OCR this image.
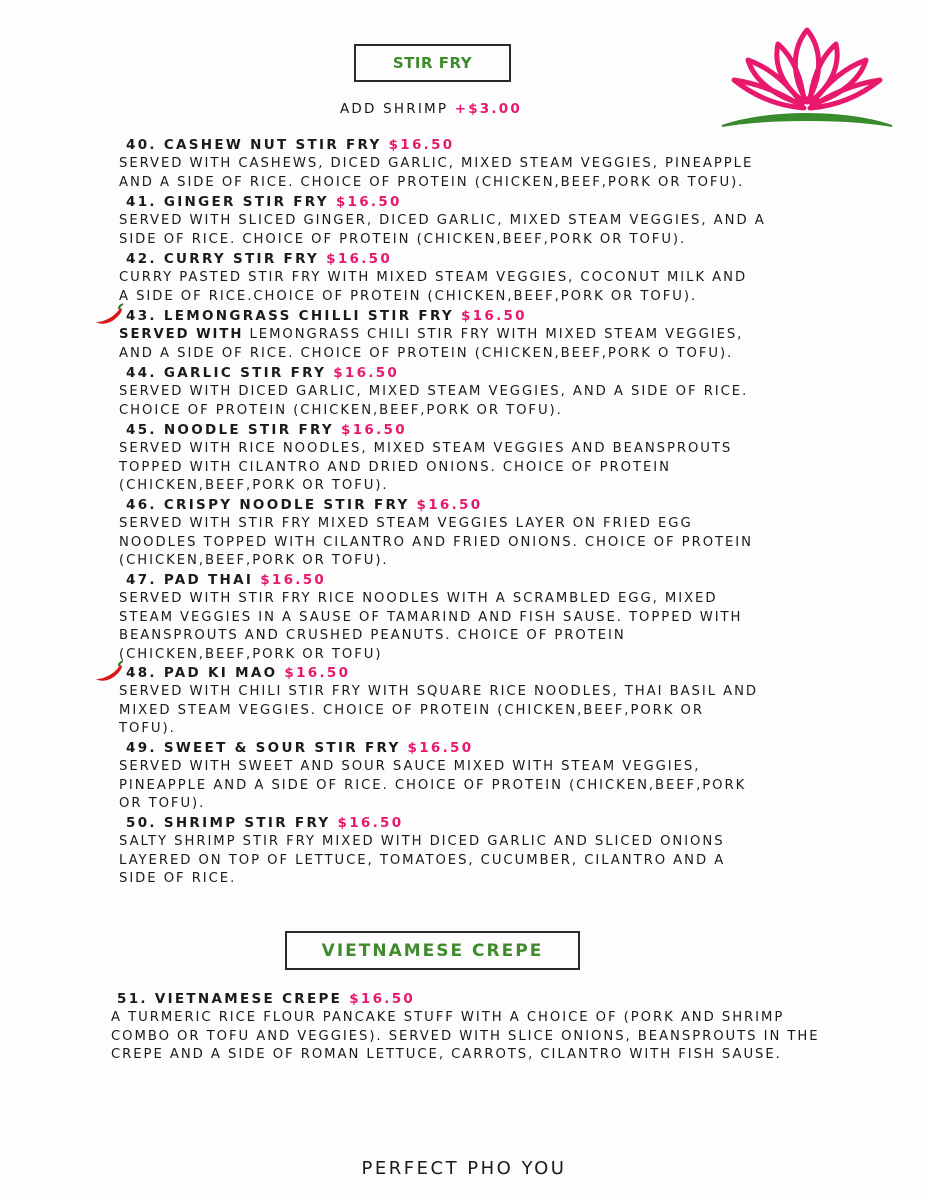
STIR FRY
ADD SHRIMP +$3.00
40. CASHEW NUT STIR FRY $16.50
SERVED WITH CASHEWS, DICED GARLIC, MIXED STEAM VEGGIES, PINEAPPLE
AND A SIDE OF RICE. CHOICE OF PROTEIN (CHICKEN,BEEF,PORK OR TOFU).
41. GINGER STIR FRY $16.50
SERVED WITH SLICED GINGER, DICED GARLIC, MIXED STEAM VEGGIES, AND A
SIDE OF RICE. CHOICE OF PROTEIN (CHICKEN,BEEF,PORK OR TOFU).
42. CURRY STIR FRY $16.50
CURRY PASTED STIR FRY WITH MIXED STEAM VEGGIES, COCONUT MILK AND
A SIDE OF RICE.CHOICE OF PROTEIN (CHICKEN,BEEF,PORK OR TOFU).
43. LEMONGRASS CHILLI STIR FRY $16.50
SERVED WITH LEMONGRASS CHILI STIR FRY WITH MIXED STEAM VEGGIES,
AND A SIDE OF RICE. CHOICE OF PROTEIN (CHICKEN,BEEF,PORK O TOFU).
44. GARLIC STIR FRY $16.50
SERVED WITH DICED GARLIC, MIXED STEAM VEGGIES, AND A SIDE OF RICE.
CHOICE OF PROTEIN (CHICKEN,BEEF,PORK OR TOFU).
45. NOODLE STIR FRY $16.50
SERVED WITH RICE NOODLES, MIXED STEAM VEGGIES AND BEANSPROUTS
TOPPED WITH CILANTRO AND DRIED ONIONS. CHOICE OF PROTEIN
(CHICKEN,BEEF,PORK OR TOFU).
46. CRISPY NOODLE STIR FRY $16.50
SERVED WITH STIR FRY MIXED STEAM VEGGIES LAYER ON FRIED EGG
NOODLES TOPPED WITH CILANTRO AND FRIED ONIONS. CHOICE OF PROTEIN
(CHICKEN,BEEF,PORK OR TOFU).
47. PAD THAI $16.50
SERVED WITH STIR FRY RICE NOODLES WITH A SCRAMBLED EGG, MIXED
STEAM VEGGIES IN A SAUSE OF TAMARIND AND FISH SAUSE. TOPPED WITH
BEANSPROUTS AND CRUSHED PEANUTS. CHOICE OF PROTEIN
(CHICKEN,BEEF,PORK OR TOFU)
48. PAD KI MAO $16.50
SERVED WITH CHILI STIR FRY WITH SQUARE RICE NOODLES, THAI BASIL AND
MIXED STEAM VEGGIES. CHOICE OF PROTEIN (CHICKEN,BEEF,PORK OR
TOFU).
49. SWEET & SOUR STIR FRY $16.50
SERVED WITH SWEET AND SOUR SAUCE MIXED WITH STEAM VEGGIES,
PINEAPPLE AND A SIDE OF RICE. CHOICE OF PROTEIN (CHICKEN,BEEF,PORK
OR TOFU).
50. SHRIMP STIR FRY $16.50
SALTY SHRIMP STIR FRY MIXED WITH DICED GARLIC AND SLICED ONIONS
LAYERED ON TOP OF LETTUCE, TOMATOES, CUCUMBER, CILANTRO AND A
SIDE OF RICE.
VIETNAMESE CREPE
51. VIETNAMESE CREPE $16.50
A TURMERIC RICE FLOUR PANCAKE STUFF WITH A CHOICE OF (PORK AND SHRIMP
COMBO OR TOFU AND VEGGIES). SERVED WITH SLICE ONIONS, BEANSPROUTS IN THE
CREPE AND A SIDE OF ROMAN LETTUCE, CARROTS, CILANTRO WITH FISH SAUSE.
PERFECT PHO YOU
